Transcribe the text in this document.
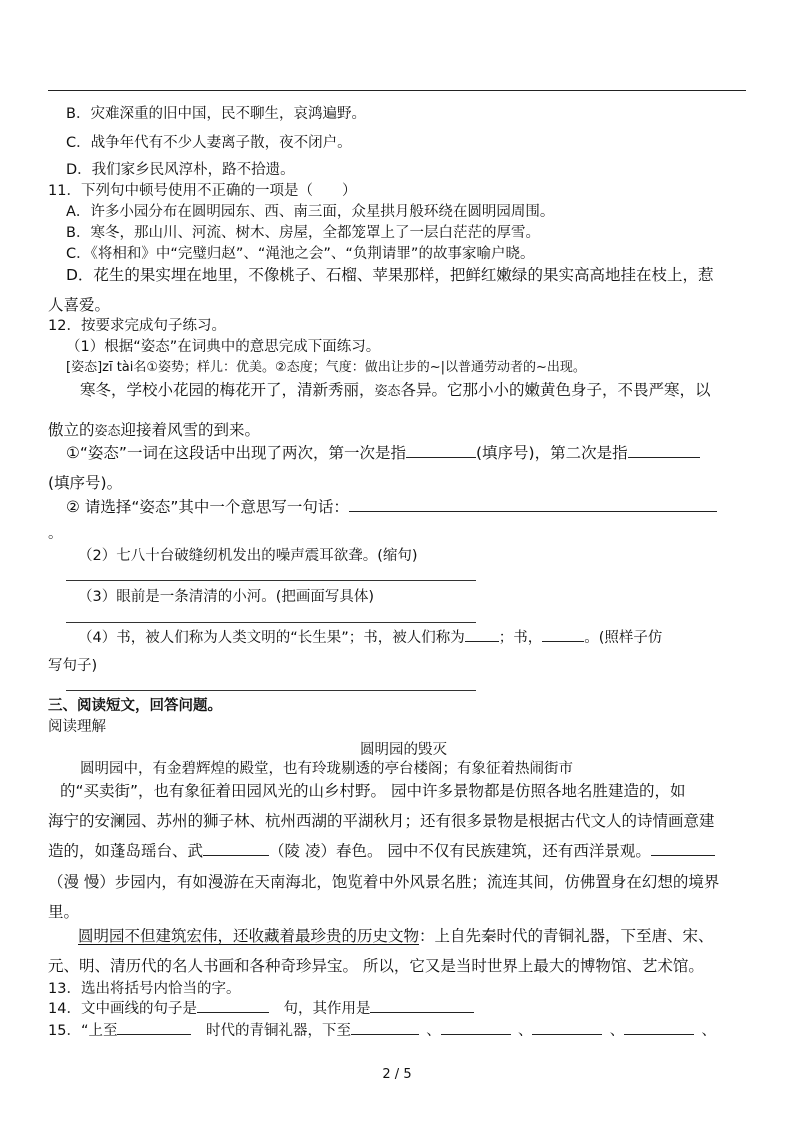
B．灾难深重的旧中国，民不聊生，哀鸿遍野。
C．战争年代有不少人妻离子散，夜不闭户。
D．我们家乡民风淳朴，路不拾遗。
11．下列句中顿号使用不正确的一项是（　　）
A．许多小园分布在圆明园东、西、南三面，众星拱月般环绕在圆明园周围。
B．寒冬，那山川、河流、树木、房屋，全都笼罩上了一层白茫茫的厚雪。
C．《将相和》中“完璧归赵”、“渑池之会”、“负荆请罪”的故事家喻户晓。
D．花生的果实埋在地里，不像桃子、石榴、苹果那样，把鲜红嫩绿的果实高高地挂在枝上，惹
人喜爱。
12．按要求完成句子练习。
（1）根据“姿态”在词典中的意思完成下面练习。
[姿态]zī tài名①姿势；样儿：优美。②态度；气度：做出让步的~|以普通劳动者的~出现。
寒冬，学校小花园的梅花开了，清新秀丽，姿态各异。它那小小的嫩黄色身子，不畏严寒，以
傲立的姿态迎接着风雪的到来。
①“姿态”一词在这段话中出现了两次，第一次是指	(填序号)，第二次是指
(填序号)。
② 请选择“姿态”其中一个意思写一句话：
。
（2）七八十台破缝纫机发出的噪声震耳欲聋。(缩句)
（3）眼前是一条清清的小河。(把画面写具体)
（4）书，被人们称为人类文明的“长生果”；书，被人们称为 ；书，	。(照样子仿
写句子)
三、阅读短文，回答问题。
阅读理解
圆明园的毁灭
圆明园中，有金碧辉煌的殿堂，也有玲珑剔透的亭台楼阁；有象征着热闹街市
的“买卖街”，也有象征着田园风光的山乡村野。 园中许多景物都是仿照各地名胜建造的，如
海宁的安澜园、苏州的狮子林、杭州西湖的平湖秋月；还有很多景物是根据古代文人的诗情画意建
造的，如蓬岛瑶台、武	（陵 凌）春色。 园中不仅有民族建筑，还有西洋景观。
（漫 慢）步园内，有如漫游在天南海北，饱览着中外风景名胜；流连其间，仿佛置身在幻想的境界
里。
圆明园不但建筑宏伟，还收藏着最珍贵的历史文物：上自先秦时代的青铜礼器，下至唐、宋、
元、明、清历代的名人书画和各种奇珍异宝。 所以，它又是当时世界上最大的博物馆、艺术馆。
13．选出将括号内恰当的字。
14．文中画线的句子是 	句，其作用是
15．“上至 	时代的青铜礼器，下至 	、 	、 	、 	、
2 / 5
